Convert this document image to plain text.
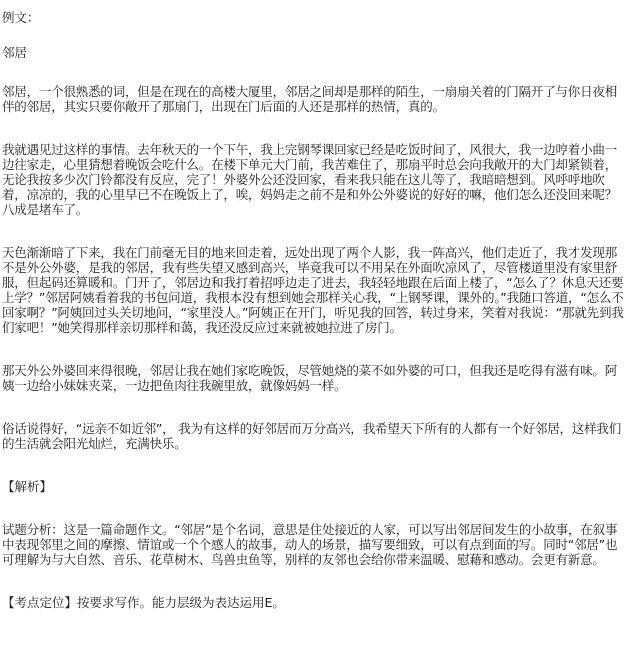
例文：

邻居

邻居，一个很熟悉的词，但是在现在的高楼大厦里，邻居之间却是那样的陌生，一扇扇关着的门隔开了与你日夜相伴的邻居，其实只要你敞开了那扇门，出现在门后面的人还是那样的热情，真的。

我就遇见过这样的事情。去年秋天的一个下午，我上完钢琴课回家已经是吃饭时间了，风很大，我一边哼着小曲一边往家走，心里猜想着晚饭会吃什么。在楼下单元大门前，我苦难住了，那扇平时总会向我敞开的大门却紧锁着，无论我按多少次门铃都没有反应，完了！外婆外公还没回家，看来我只能在这儿等了，我暗暗想到。风呼呼地吹着，凉凉的，我的心里早已不在晚饭上了，唉，妈妈走之前不是和外公外婆说的好好的嘛，他们怎么还没回来呢？八成是堵车了。

天色渐渐暗了下来，我在门前毫无目的地来回走着，远处出现了两个人影，我一阵高兴，他们走近了，我才发现那不是外公外婆，是我的邻居，我有些失望又感到高兴，毕竟我可以不用呆在外面吹凉风了，尽管楼道里没有家里舒服，但起码还算暖和。门开了，邻居边和我打着招呼边走了进去，我轻轻地跟在后面上楼了，“怎么了？休息天还要上学？”邻居阿姨看着我的书包问道，我根本没有想到她会那样关心我，“上钢琴课，课外的。”我随口答道，“怎么不回家啊？”阿姨回过头关切地问，“家里没人。”阿姨正在开门，听见我的回答，转过身来，笑着对我说：“那就先到我们家吧！”她笑得那样亲切那样和蔼，我还没反应过来就被她拉进了房门。

那天外公外婆回来得很晚，邻居让我在她们家吃晚饭，尽管她烧的菜不如外婆的可口，但我还是吃得有滋有味。阿姨一边给小妹妹夹菜，一边把鱼肉往我碗里放，就像妈妈一样。

俗话说得好，“远亲不如近邻”， 我为有这样的好邻居而万分高兴，我希望天下所有的人都有一个好邻居，这样我们的生活就会阳光灿烂，充满快乐。

【解析】

试题分析：这是一篇命题作文。“邻居”是个名词，意思是住处接近的人家，可以写出邻居间发生的小故事，在叙事中表现邻里之间的摩擦、情谊或一个个感人的故事，动人的场景，描写要细致，可以有点到面的写。同时“邻居”也可理解为与大自然、音乐、花草树木、鸟兽虫鱼等，别样的友邻也会给你带来温暖、慰藉和感动。会更有新意。

【考点定位】按要求写作。能力层级为表达运用E。
